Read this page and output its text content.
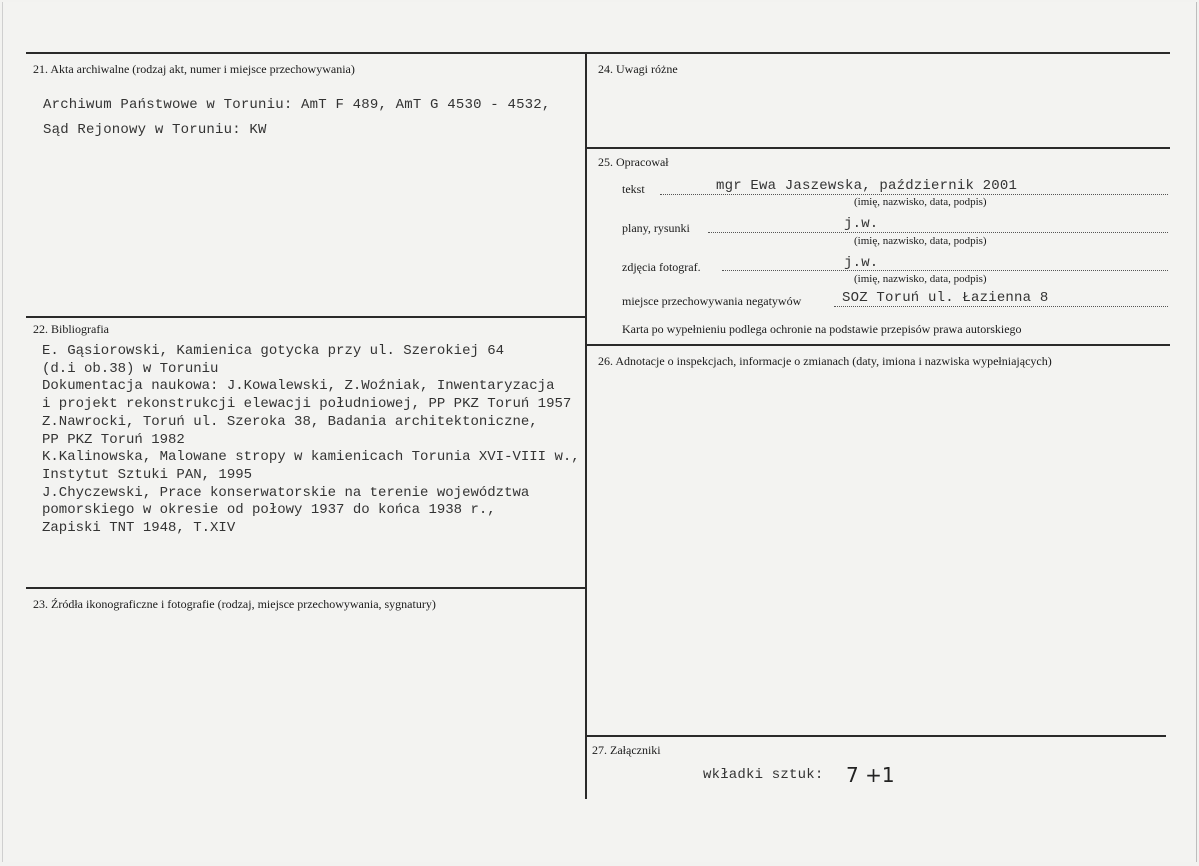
21. Akta archiwalne (rodzaj akt, numer i miejsce przechowywania)
Archiwum Państwowe w Toruniu: AmT F 489, AmT G 4530 - 4532,
Sąd Rejonowy w Toruniu: KW
22. Bibliografia
E. Gąsiorowski, Kamienica gotycka przy ul. Szerokiej 64
(d.i ob.38) w Toruniu
Dokumentacja naukowa: J.Kowalewski, Z.Woźniak, Inwentaryzacja
i projekt rekonstrukcji elewacji południowej, PP PKZ Toruń 1957
Z.Nawrocki, Toruń ul. Szeroka 38, Badania architektoniczne,
PP PKZ Toruń 1982
K.Kalinowska, Malowane stropy w kamienicach Torunia XVI-VIII w.,
Instytut Sztuki PAN, 1995
J.Chyczewski, Prace konserwatorskie na terenie województwa
pomorskiego w okresie od połowy 1937 do końca 1938 r.,
Zapiski TNT 1948, T.XIV
23. Źródła ikonograficzne i fotografie (rodzaj, miejsce przechowywania, sygnatury)
24. Uwagi różne
25. Opracował
tekst	mgr Ewa Jaszewska, październik 2001
(imię, nazwisko, data, podpis)
plany, rysunki	j.w.
(imię, nazwisko, data, podpis)
zdjęcia fotograf.	j.w.
(imię, nazwisko, data, podpis)
miejsce przechowywania negatywów	SOZ Toruń ul. Łazienna 8
Karta po wypełnieniu podlega ochronie na podstawie przepisów prawa autorskiego
26. Adnotacje o inspekcjach, informacje o zmianach (daty, imiona i nazwiska wypełniających)
27. Załączniki
wkładki sztuk: 7 +1
